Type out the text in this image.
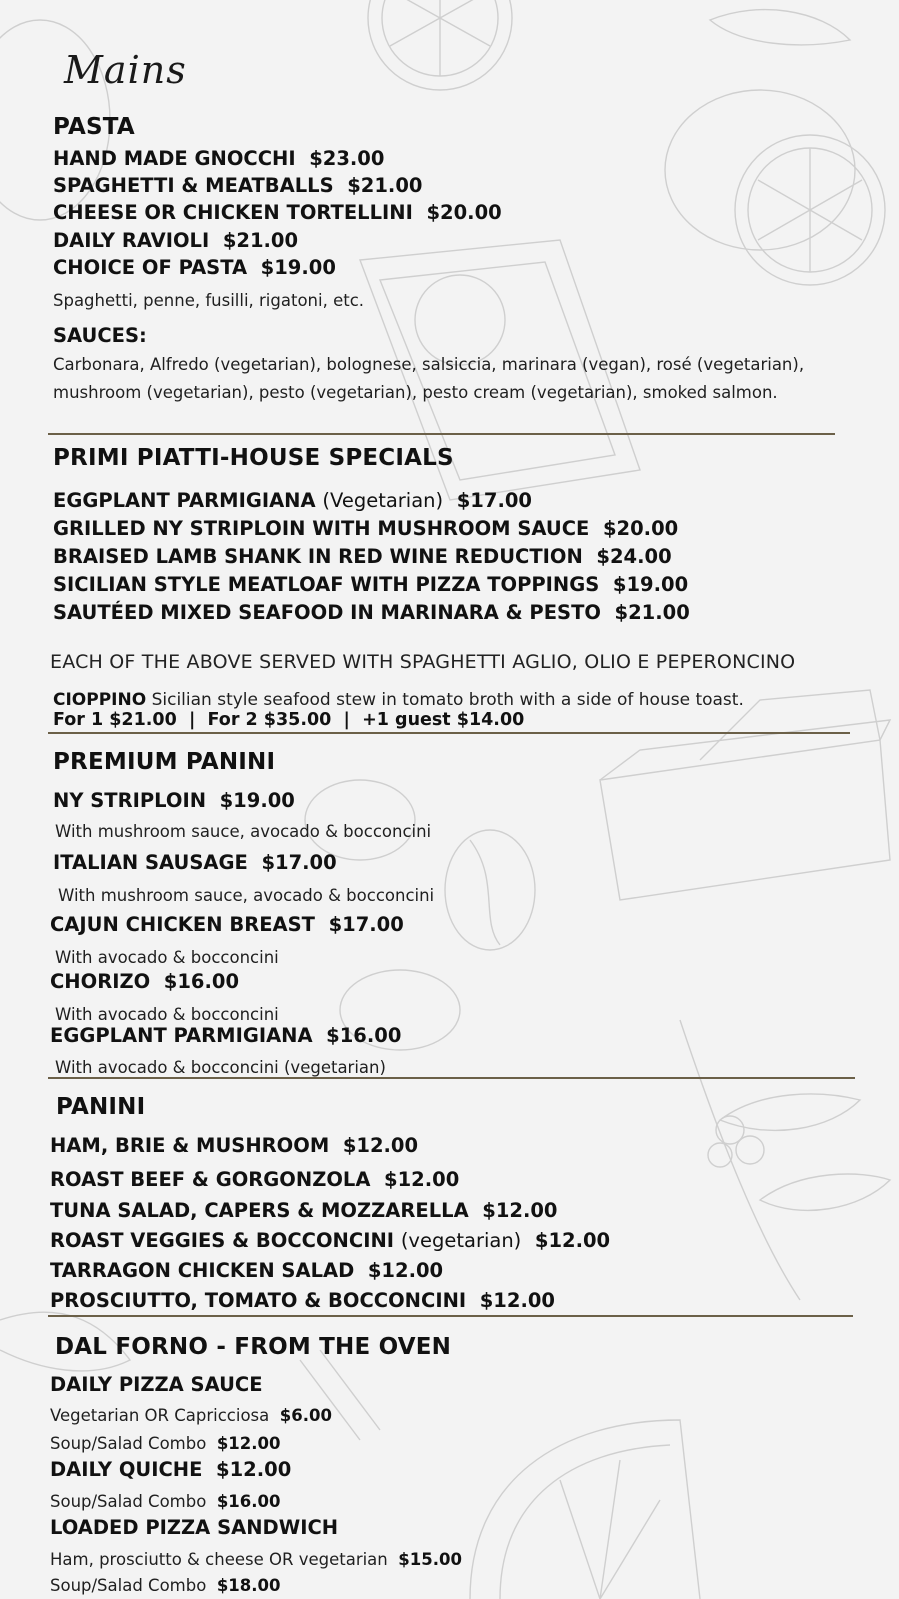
Mains
PASTA
HAND MADE GNOCCHI $23.00
SPAGHETTI & MEATBALLS $21.00
CHEESE OR CHICKEN TORTELLINI $20.00
DAILY RAVIOLI $21.00
CHOICE OF PASTA $19.00
Spaghetti, penne, fusilli, rigatoni, etc.
SAUCES:
Carbonara, Alfredo (vegetarian), bolognese, salsiccia, marinara (vegan), rosé (vegetarian), mushroom (vegetarian), pesto (vegetarian), pesto cream (vegetarian), smoked salmon.
PRIMI PIATTI-HOUSE SPECIALS
EGGPLANT PARMIGIANA (Vegetarian) $17.00
GRILLED NY STRIPLOIN WITH MUSHROOM SAUCE $20.00
BRAISED LAMB SHANK IN RED WINE REDUCTION $24.00
SICILIAN STYLE MEATLOAF WITH PIZZA TOPPINGS $19.00
SAUTÉED MIXED SEAFOOD IN MARINARA & PESTO $21.00
EACH OF THE ABOVE SERVED WITH SPAGHETTI AGLIO, OLIO E PEPERONCINO
CIOPPINO Sicilian style seafood stew in tomato broth with a side of house toast.
For 1 $21.00  |  For 2 $35.00  |  +1 guest $14.00
PREMIUM PANINI
NY STRIPLOIN $19.00
With mushroom sauce, avocado & bocconcini
ITALIAN SAUSAGE $17.00
With mushroom sauce, avocado & bocconcini
CAJUN CHICKEN BREAST $17.00
With avocado & bocconcini
CHORIZO $16.00
With avocado & bocconcini
EGGPLANT PARMIGIANA $16.00
With avocado & bocconcini (vegetarian)
PANINI
HAM, BRIE & MUSHROOM $12.00
ROAST BEEF & GORGONZOLA $12.00
TUNA SALAD, CAPERS & MOZZARELLA $12.00
ROAST VEGGIES & BOCCONCINI (vegetarian) $12.00
TARRAGON CHICKEN SALAD $12.00
PROSCIUTTO, TOMATO & BOCCONCINI $12.00
DAL FORNO - FROM THE OVEN
DAILY PIZZA SAUCE
Vegetarian OR Capricciosa $6.00
Soup/Salad Combo $12.00
DAILY QUICHE $12.00
Soup/Salad Combo $16.00
LOADED PIZZA SANDWICH
Ham, prosciutto & cheese OR vegetarian $15.00
Soup/Salad Combo $18.00
